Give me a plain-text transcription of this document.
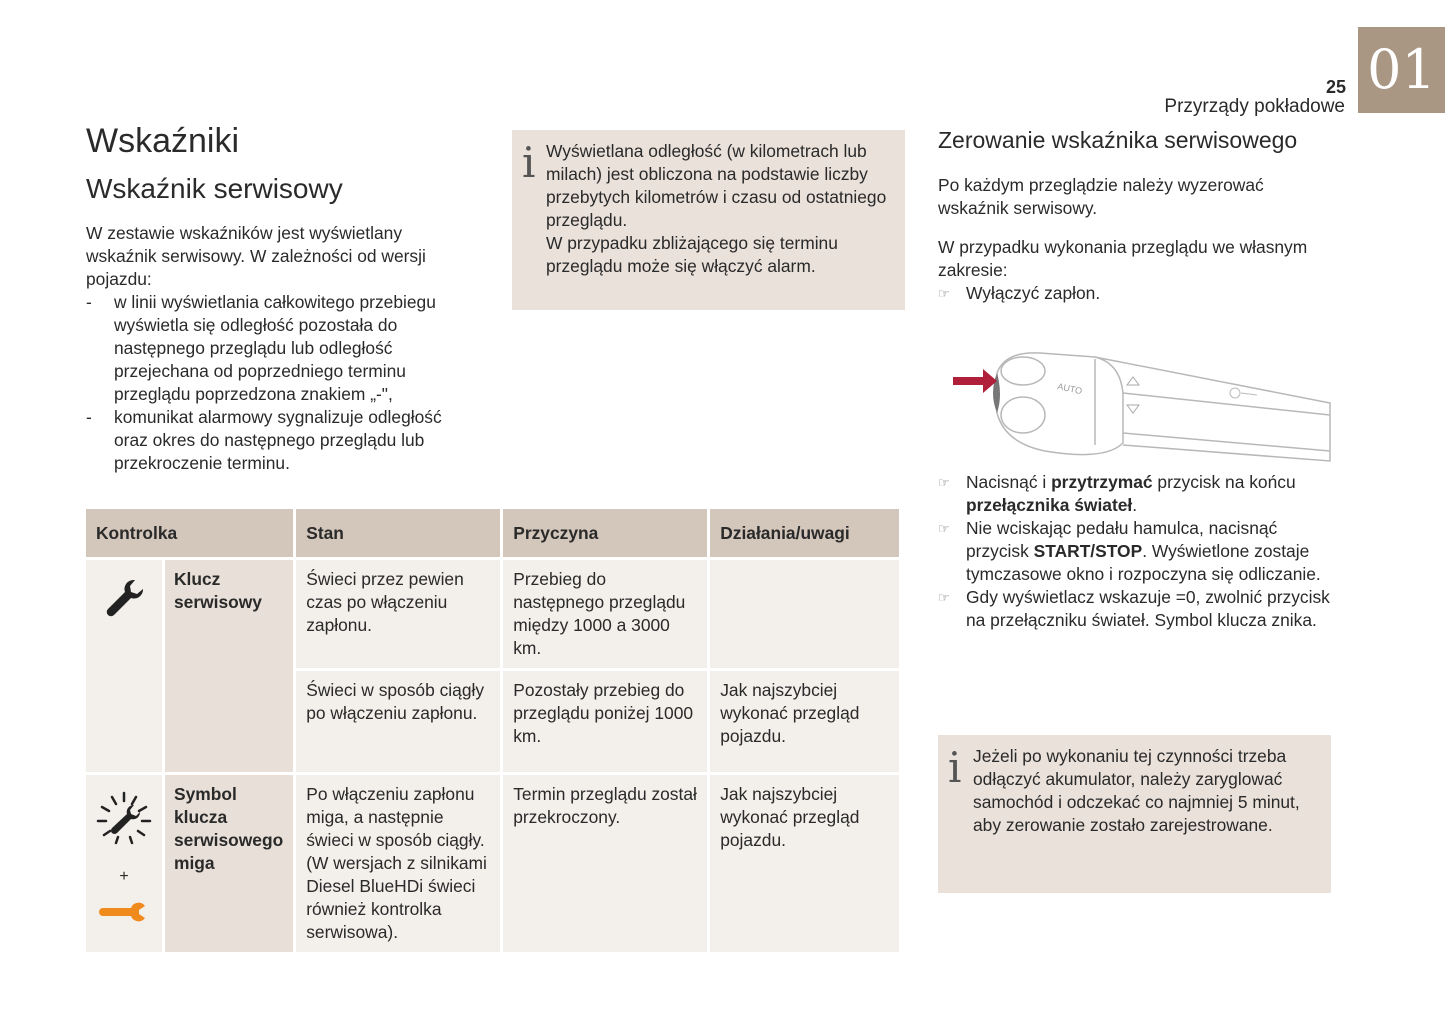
01
25
Przyrządy pokładowe
Wskaźniki
Wskaźnik serwisowy
W zestawie wskaźników jest wyświetlany wskaźnik serwisowy. W zależności od wersji pojazdu:
- w linii wyświetlania całkowitego przebiegu wyświetla się odległość pozostała do następnego przeglądu lub odległość przejechana od poprzedniego terminu przeglądu poprzedzona znakiem „-",
- komunikat alarmowy sygnalizuje odległość oraz okres do następnego przeglądu lub przekroczenie terminu.
i Wyświetlana odległość (w kilometrach lub milach) jest obliczona na podstawie liczby przebytych kilometrów i czasu od ostatniego przeglądu.
W przypadku zbliżającego się terminu przeglądu może się włączyć alarm.
Kontrolka		Stan	Przyczyna	Działania/uwagi
	Klucz serwisowy	Świeci przez pewien czas po włączeniu zapłonu.	Przebieg do następnego przeglądu między 1000 a 3000 km.	
		Świeci w sposób ciągły po włączeniu zapłonu.	Pozostały przebieg do przeglądu poniżej 1000 km.	Jak najszybciej wykonać przegląd pojazdu.

+	Symbol klucza serwisowego miga	Po włączeniu zapłonu miga, a następnie świeci w sposób ciągły. (W wersjach z silnikami Diesel BlueHDi świeci również kontrolka serwisowa).	Termin przeglądu został przekroczony.	Jak najszybciej wykonać przegląd pojazdu.
Zerowanie wskaźnika serwisowego
Po każdym przeglądzie należy wyzerować wskaźnik serwisowy.
W przypadku wykonania przeglądu we własnym zakresie:
☞ Wyłączyć zapłon.
AUTO
☞ Nacisnąć i przytrzymać przycisk na końcu przełącznika świateł.
☞ Nie wciskając pedału hamulca, nacisnąć przycisk START/STOP. Wyświetlone zostaje tymczasowe okno i rozpoczyna się odliczanie.
☞ Gdy wyświetlacz wskazuje =0, zwolnić przycisk na przełączniku świateł. Symbol klucza znika.
i Jeżeli po wykonaniu tej czynności trzeba odłączyć akumulator, należy zaryglować samochód i odczekać co najmniej 5 minut, aby zerowanie zostało zarejestrowane.
